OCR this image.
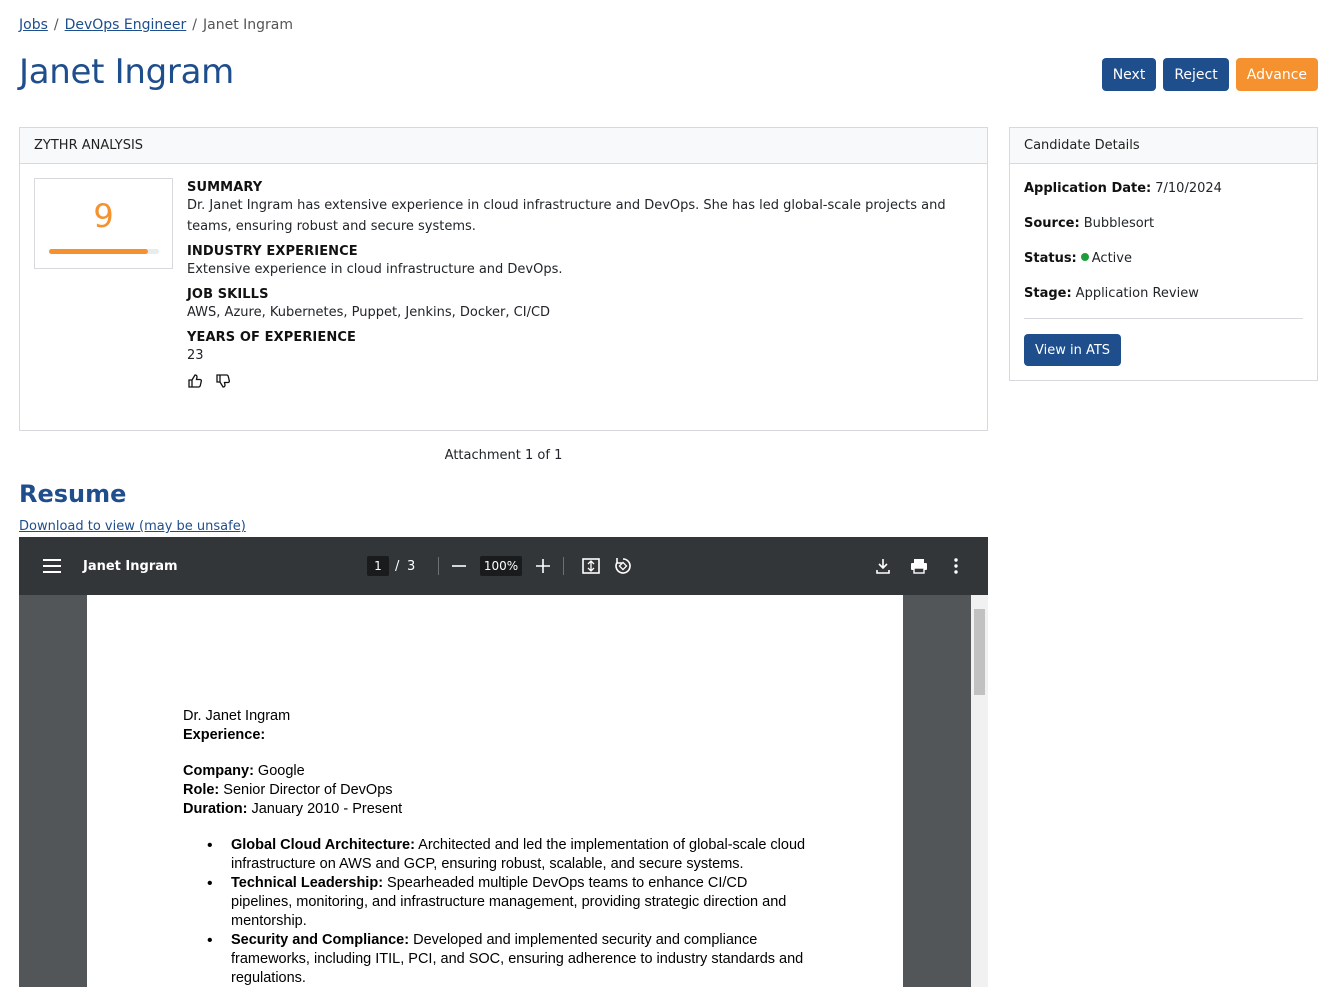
Jobs / DevOps Engineer / Janet Ingram
Janet Ingram	Next	Reject	Advance
ZYTHR ANALYSIS
9
SUMMARY
Dr. Janet Ingram has extensive experience in cloud infrastructure and DevOps. She has led global-scale projects and teams, ensuring robust and secure systems.
INDUSTRY EXPERIENCE
Extensive experience in cloud infrastructure and DevOps.
JOB SKILLS
AWS, Azure, Kubernetes, Puppet, Jenkins, Docker, CI/CD
YEARS OF EXPERIENCE
23
Candidate Details
Application Date: 7/10/2024
Source: Bubblesort
Status: Active
Stage: Application Review
View in ATS
Attachment 1 of 1
Resume
Download to view (may be unsafe)
Janet Ingram	1	/ 3	100%
Dr. Janet Ingram
Experience:
Company: Google
Role: Senior Director of DevOps
Duration: January 2010 - Present
• Global Cloud Architecture: Architected and led the implementation of global-scale cloud infrastructure on AWS and GCP, ensuring robust, scalable, and secure systems.
• Technical Leadership: Spearheaded multiple DevOps teams to enhance CI/CD pipelines, monitoring, and infrastructure management, providing strategic direction and mentorship.
• Security and Compliance: Developed and implemented security and compliance frameworks, including ITIL, PCI, and SOC, ensuring adherence to industry standards and regulations.
